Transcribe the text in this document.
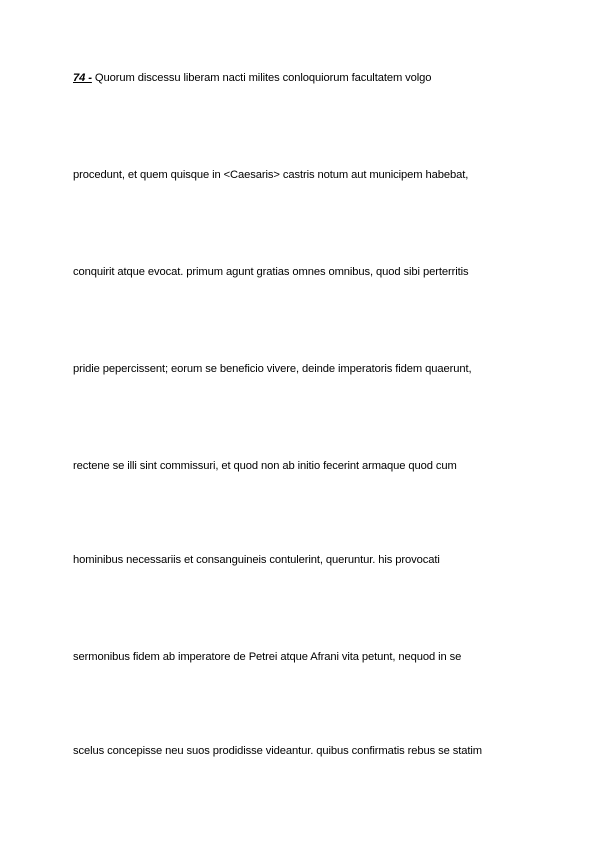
74 - Quorum discessu liberam nacti milites conloquiorum facultatem volgo
procedunt, et quem quisque in <Caesaris> castris notum aut municipem habebat,
conquirit atque evocat. primum agunt gratias omnes omnibus, quod sibi perterritis
pridie pepercissent; eorum se beneficio vivere, deinde imperatoris fidem quaerunt,
rectene se illi sint commissuri, et quod non ab initio fecerint armaque quod cum
hominibus necessariis et consanguineis contulerint, queruntur. his provocati
sermonibus fidem ab imperatore de Petrei atque Afrani vita petunt, nequod in se
scelus concepisse neu suos prodidisse videantur. quibus confirmatis rebus se statim
